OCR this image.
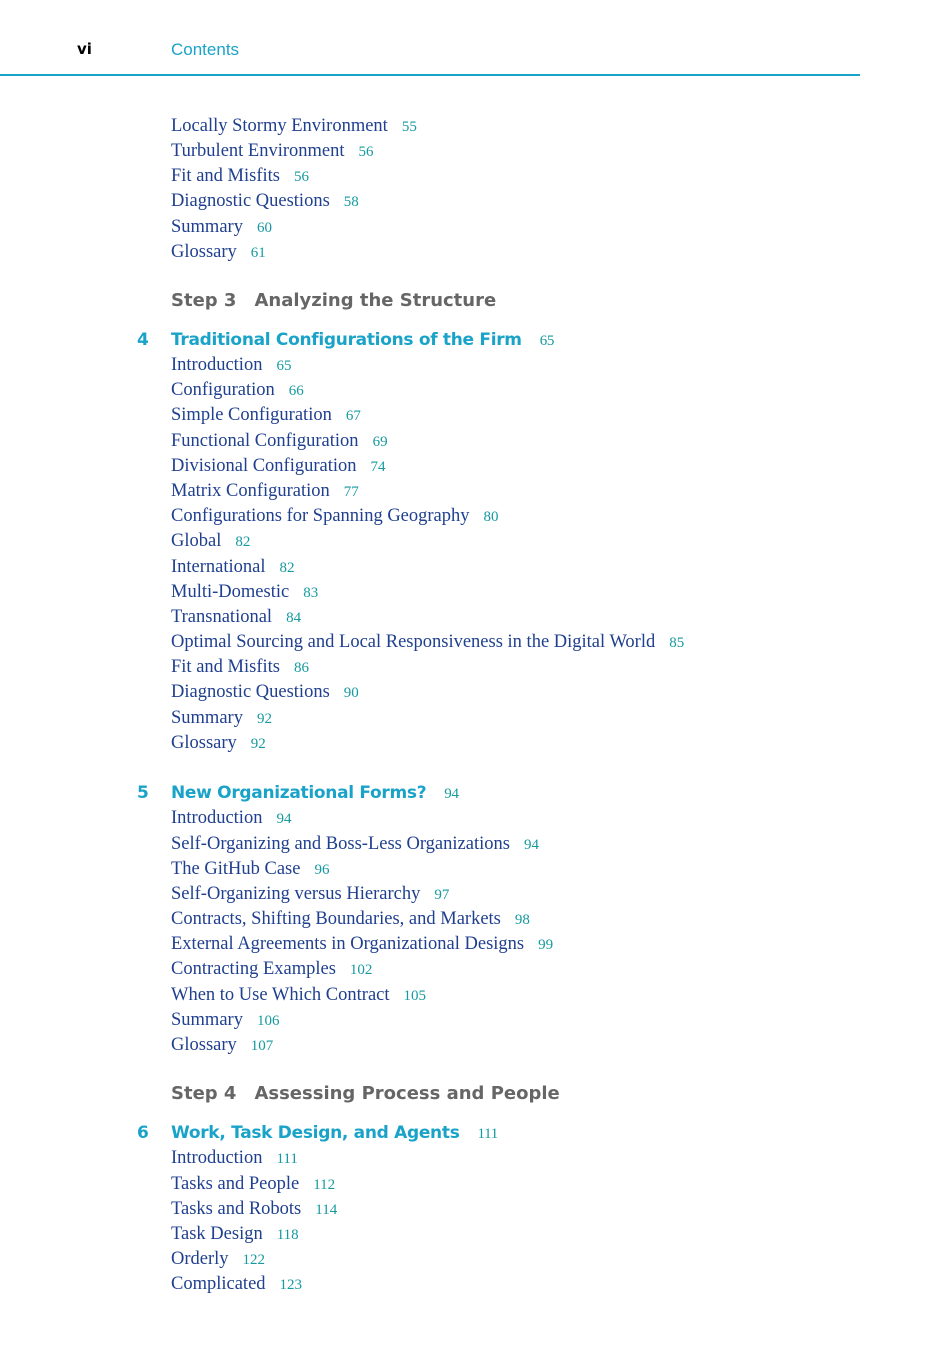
vi	Contents
Locally Stormy Environment 55
Turbulent Environment 56
Fit and Misfits 56
Diagnostic Questions 58
Summary 60
Glossary 61
Step 3 Analyzing the Structure
4 Traditional Configurations of the Firm 65
Introduction 65
Configuration 66
Simple Configuration 67
Functional Configuration 69
Divisional Configuration 74
Matrix Configuration 77
Configurations for Spanning Geography 80
Global 82
International 82
Multi-Domestic 83
Transnational 84
Optimal Sourcing and Local Responsiveness in the Digital World 85
Fit and Misfits 86
Diagnostic Questions 90
Summary 92
Glossary 92
5 New Organizational Forms? 94
Introduction 94
Self-Organizing and Boss-Less Organizations 94
The GitHub Case 96
Self-Organizing versus Hierarchy 97
Contracts, Shifting Boundaries, and Markets 98
External Agreements in Organizational Designs 99
Contracting Examples 102
When to Use Which Contract 105
Summary 106
Glossary 107
Step 4 Assessing Process and People
6 Work, Task Design, and Agents 111
Introduction 111
Tasks and People 112
Tasks and Robots 114
Task Design 118
Orderly 122
Complicated 123
